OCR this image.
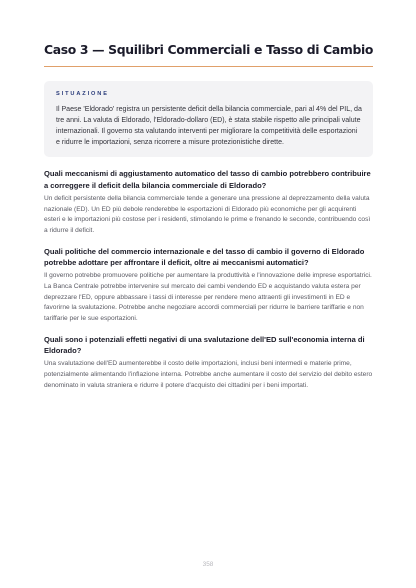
Caso 3 — Squilibri Commerciali e Tasso di Cambio

SITUAZIONE

Il Paese 'Eldorado' registra un persistente deficit della bilancia commerciale, pari al 4% del PIL, da tre anni. La valuta di Eldorado, l'Eldorado-dollaro (ED), è stata stabile rispetto alle principali valute internazionali. Il governo sta valutando interventi per migliorare la competitività delle esportazioni e ridurre le importazioni, senza ricorrere a misure protezionistiche dirette.

Quali meccanismi di aggiustamento automatico del tasso di cambio potrebbero contribuire a correggere il deficit della bilancia commerciale di Eldorado?

Un deficit persistente della bilancia commerciale tende a generare una pressione al deprezzamento della valuta nazionale (ED). Un ED più debole renderebbe le esportazioni di Eldorado più economiche per gli acquirenti esteri e le importazioni più costose per i residenti, stimolando le prime e frenando le seconde, contribuendo così a ridurre il deficit.

Quali politiche del commercio internazionale e del tasso di cambio il governo di Eldorado potrebbe adottare per affrontare il deficit, oltre ai meccanismi automatici?

Il governo potrebbe promuovere politiche per aumentare la produttività e l'innovazione delle imprese esportatrici. La Banca Centrale potrebbe intervenire sul mercato dei cambi vendendo ED e acquistando valuta estera per deprezzare l'ED, oppure abbassare i tassi di interesse per rendere meno attraenti gli investimenti in ED e favorirne la svalutazione. Potrebbe anche negoziare accordi commerciali per ridurre le barriere tariffarie e non tariffarie per le sue esportazioni.

Quali sono i potenziali effetti negativi di una svalutazione dell'ED sull'economia interna di Eldorado?

Una svalutazione dell'ED aumenterebbe il costo delle importazioni, inclusi beni intermedi e materie prime, potenzialmente alimentando l'inflazione interna. Potrebbe anche aumentare il costo del servizio del debito estero denominato in valuta straniera e ridurre il potere d'acquisto dei cittadini per i beni importati.

358
